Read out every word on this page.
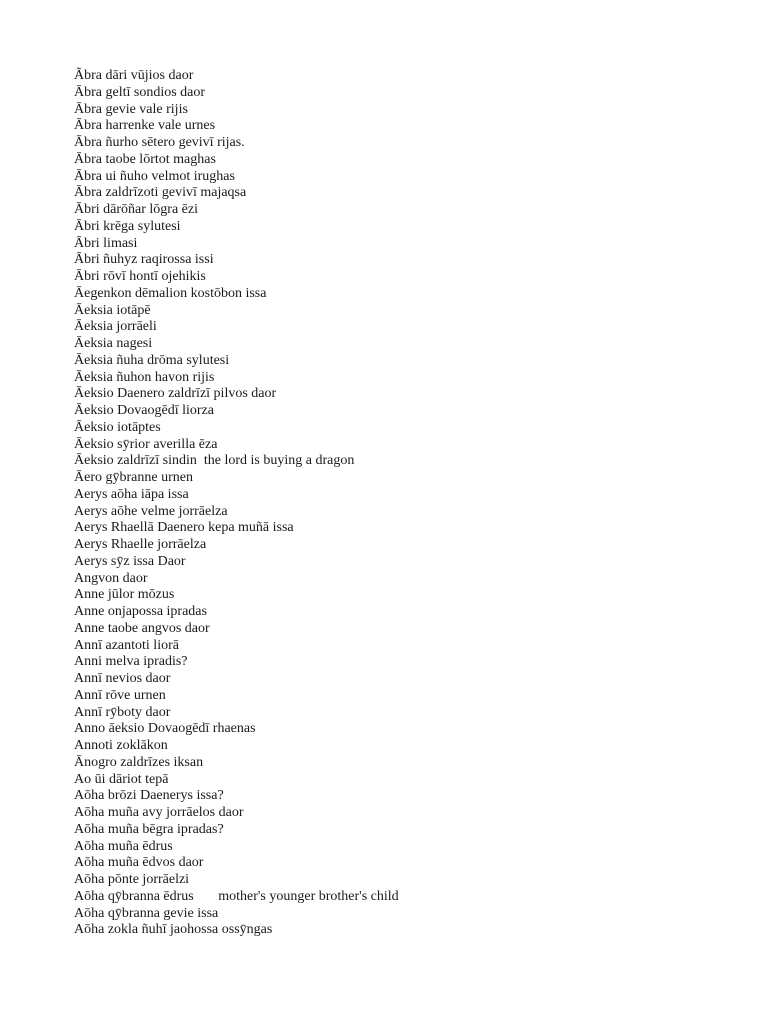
Ãbra dāri vūjios daor
Ābra geltī sondios daor
Ābra gevie vale rijis
Ābra harrenke vale urnes
Ābra ñurho sētero gevivī rijas.
Ābra taobe lōrtot maghas
Ābra ui ñuho velmot irughas
Ābra zaldrīzoti gevivī majaqsa
Ābri dārōñar lōgra ēzi
Ābri krēga sylutesi
Ābri limasi
Ābri ñuhyz raqirossa issi
Ābri rōvī hontī ojehikis
Āegenkon dēmalion kostōbon issa
Āeksia iotāpē
Āeksia jorrāeli
Āeksia nagesi
Āeksia ñuha drōma sylutesi
Āeksia ñuhon havon rijis
Āeksio Daenero zaldrīzī pilvos daor
Āeksio Dovaogēdī liorza
Āeksio iotāptes
Āeksio sȳrior averilla ēza
Āeksio zaldrīzī sindin  the lord is buying a dragon
Āero gȳbranne urnen
Aerys aōha iāpa issa
Aerys aōhe velme jorrāelza
Aerys Rhaellā Daenero kepa muñā issa
Aerys Rhaelle jorrāelza
Aerys sȳz issa Daor
Angvon daor
Anne jūlor mōzus
Anne onjapossa ipradas
Anne taobe angvos daor
Annī azantoti liorā
Anni melva ipradis?
Annī nevios daor
Annī rōve urnen
Annī rȳboty daor
Anno āeksio Dovaogēdī rhaenas
Annoti zoklākon
Ānogro zaldrīzes iksan
Ao ūi dāriot tepā
Aōha brōzi Daenerys issa?
Aōha muña avy jorrāelos daor
Aōha muña bēgra ipradas?
Aōha muña ēdrus
Aōha muña ēdvos daor
Aōha pōnte jorrāelzi
Aōha qȳbranna ēdrus       mother's younger brother's child
Aōha qȳbranna gevie issa
Aōha zokla ñuhī jaohossa ossȳngas
